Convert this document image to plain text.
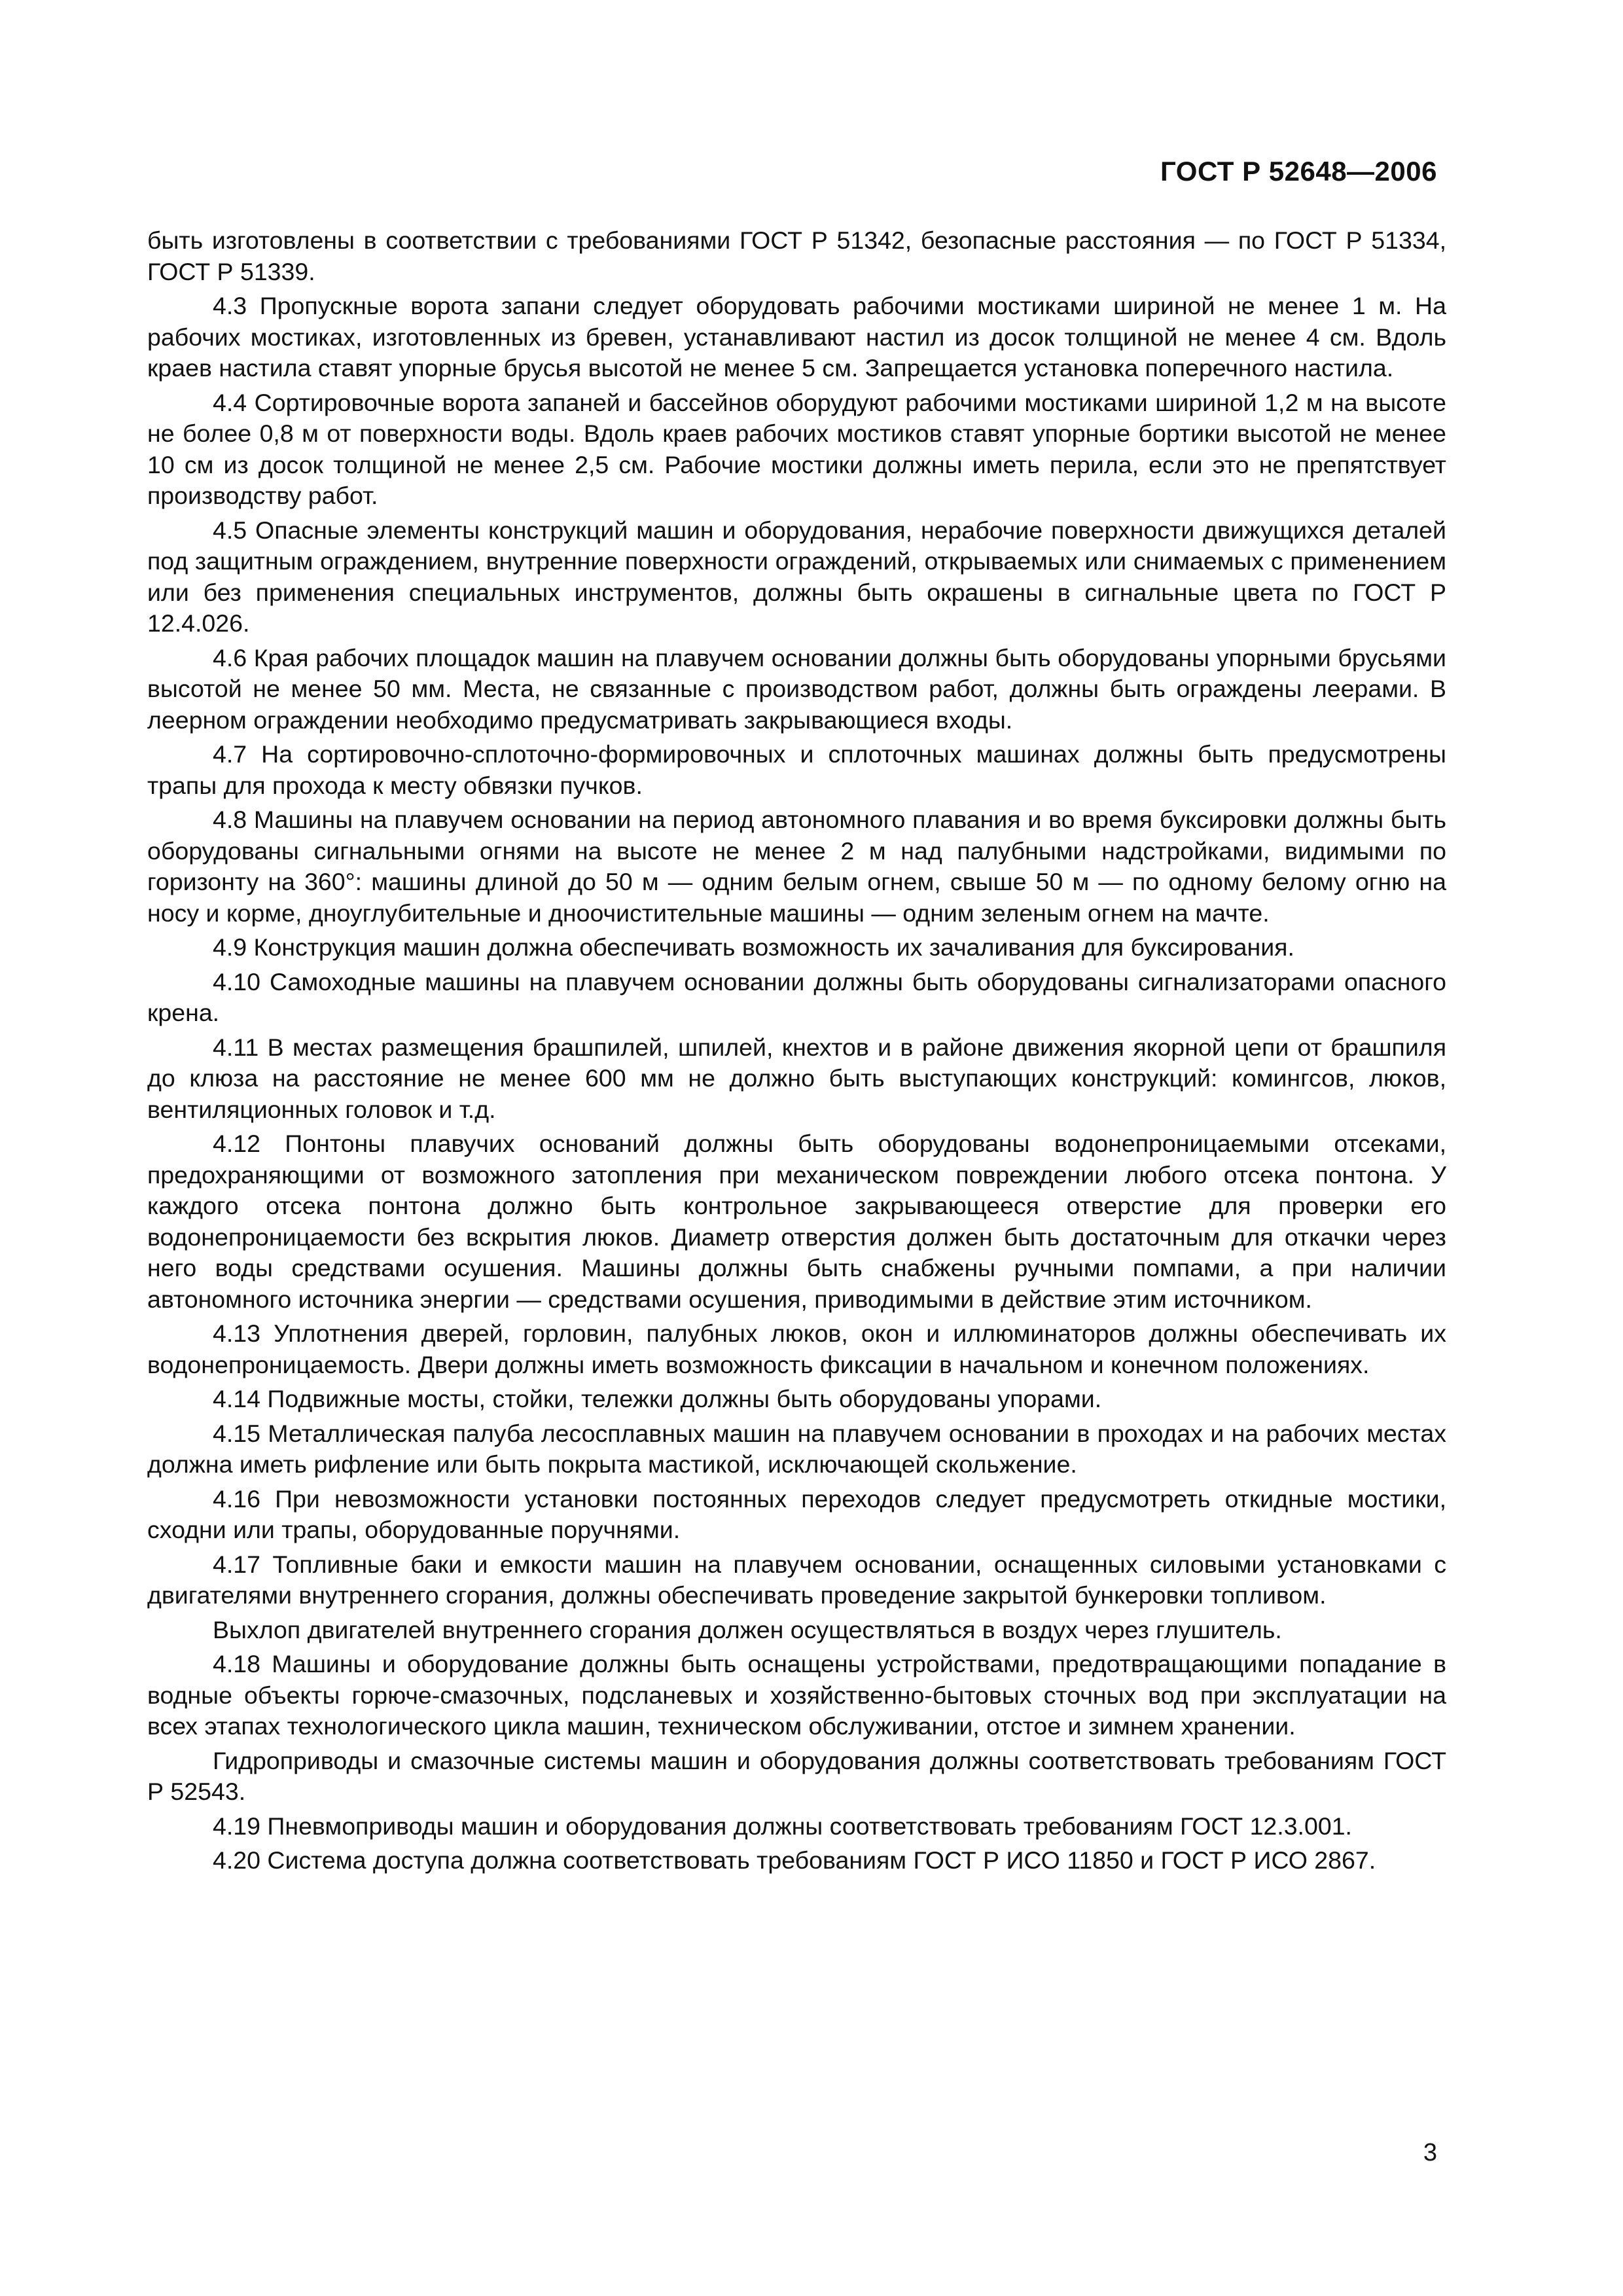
ГОСТ Р 52648—2006

быть изготовлены в соответствии с требованиями ГОСТ Р 51342, безопасные расстояния — по ГОСТ Р 51334, ГОСТ Р 51339.

4.3 Пропускные ворота запани следует оборудовать рабочими мостиками шириной не менее 1 м. На рабочих мостиках, изготовленных из бревен, устанавливают настил из досок толщиной не менее 4 см. Вдоль краев настила ставят упорные брусья высотой не менее 5 см. Запрещается установка поперечного настила.

4.4 Сортировочные ворота запаней и бассейнов оборудуют рабочими мостиками шириной 1,2 м на высоте не более 0,8 м от поверхности воды. Вдоль краев рабочих мостиков ставят упорные бортики высотой не менее 10 см из досок толщиной не менее 2,5 см. Рабочие мостики должны иметь перила, если это не препятствует производству работ.

4.5 Опасные элементы конструкций машин и оборудования, нерабочие поверхности движущихся деталей под защитным ограждением, внутренние поверхности ограждений, открываемых или снимаемых с применением или без применения специальных инструментов, должны быть окрашены в сигнальные цвета по ГОСТ Р 12.4.026.

4.6 Края рабочих площадок машин на плавучем основании должны быть оборудованы упорными брусьями высотой не менее 50 мм. Места, не связанные с производством работ, должны быть ограждены леерами. В леерном ограждении необходимо предусматривать закрывающиеся входы.

4.7 На сортировочно-сплоточно-формировочных и сплоточных машинах должны быть предусмотрены трапы для прохода к месту обвязки пучков.

4.8 Машины на плавучем основании на период автономного плавания и во время буксировки должны быть оборудованы сигнальными огнями на высоте не менее 2 м над палубными надстройками, видимыми по горизонту на 360°: машины длиной до 50 м — одним белым огнем, свыше 50 м — по одному белому огню на носу и корме, дноуглубительные и дноочистительные машины — одним зеленым огнем на мачте.

4.9 Конструкция машин должна обеспечивать возможность их зачаливания для буксирования.

4.10 Самоходные машины на плавучем основании должны быть оборудованы сигнализаторами опасного крена.

4.11 В местах размещения брашпилей, шпилей, кнехтов и в районе движения якорной цепи от брашпиля до клюза на расстояние не менее 600 мм не должно быть выступающих конструкций: комингсов, люков, вентиляционных головок и т.д.

4.12 Понтоны плавучих оснований должны быть оборудованы водонепроницаемыми отсеками, предохраняющими от возможного затопления при механическом повреждении любого отсека понтона. У каждого отсека понтона должно быть контрольное закрывающееся отверстие для проверки его водонепроницаемости без вскрытия люков. Диаметр отверстия должен быть достаточным для откачки через него воды средствами осушения. Машины должны быть снабжены ручными помпами, а при наличии автономного источника энергии — средствами осушения, приводимыми в действие этим источником.

4.13 Уплотнения дверей, горловин, палубных люков, окон и иллюминаторов должны обеспечивать их водонепроницаемость. Двери должны иметь возможность фиксации в начальном и конечном положениях.

4.14 Подвижные мосты, стойки, тележки должны быть оборудованы упорами.

4.15 Металлическая палуба лесосплавных машин на плавучем основании в проходах и на рабочих местах должна иметь рифление или быть покрыта мастикой, исключающей скольжение.

4.16 При невозможности установки постоянных переходов следует предусмотреть откидные мостики, сходни или трапы, оборудованные поручнями.

4.17 Топливные баки и емкости машин на плавучем основании, оснащенных силовыми установками с двигателями внутреннего сгорания, должны обеспечивать проведение закрытой бункеровки топливом.

Выхлоп двигателей внутреннего сгорания должен осуществляться в воздух через глушитель.

4.18 Машины и оборудование должны быть оснащены устройствами, предотвращающими попадание в водные объекты горюче-смазочных, подсланевых и хозяйственно-бытовых сточных вод при эксплуатации на всех этапах технологического цикла машин, техническом обслуживании, отстое и зимнем хранении.

Гидроприводы и смазочные системы машин и оборудования должны соответствовать требованиям ГОСТ Р 52543.

4.19 Пневмоприводы машин и оборудования должны соответствовать требованиям ГОСТ 12.3.001.

4.20 Система доступа должна соответствовать требованиям ГОСТ Р ИСО 11850 и ГОСТ Р ИСО 2867.

3
